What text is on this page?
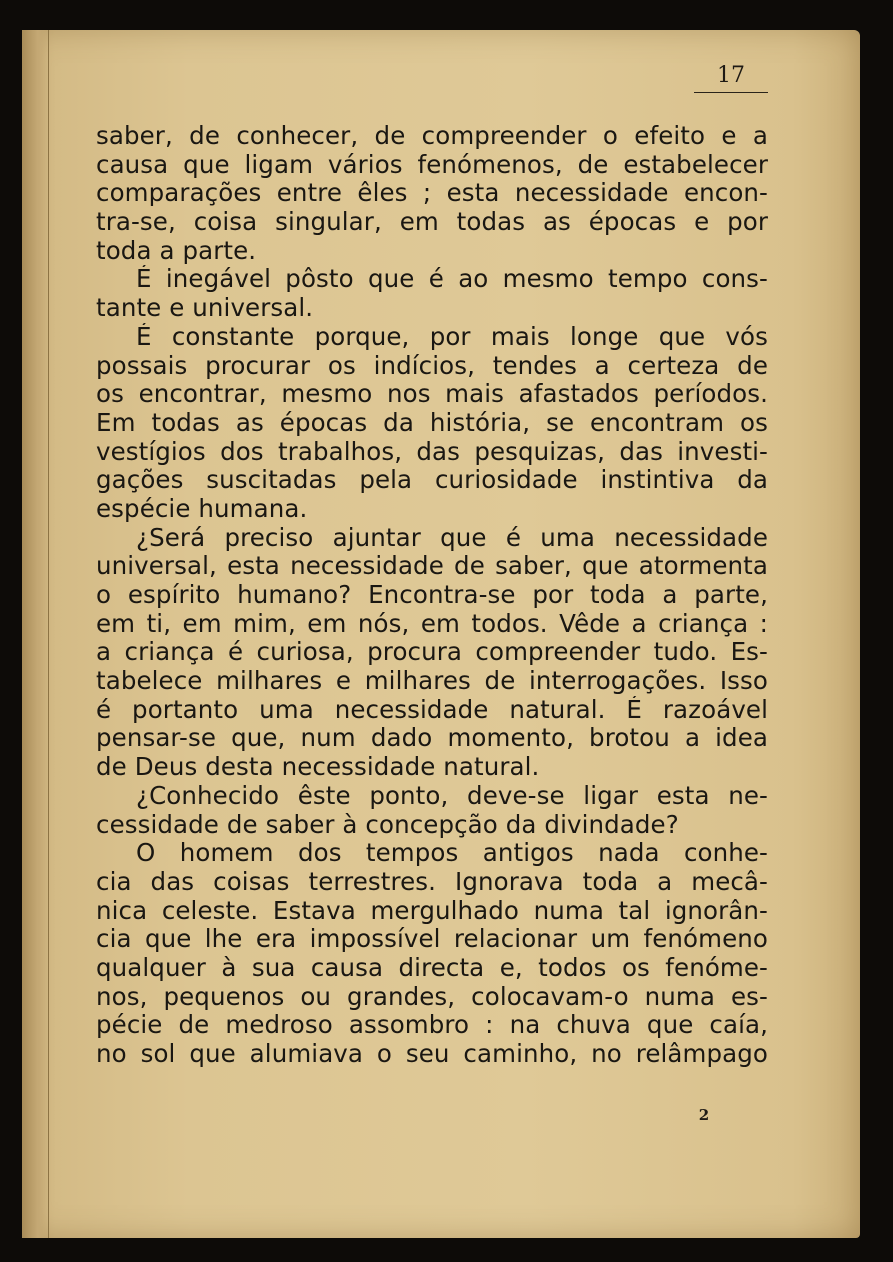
17
saber, de conhecer, de compreender o efeito e a
causa que ligam vários fenómenos, de estabelecer
comparações entre êles ; esta necessidade encon-
tra-se, coisa singular, em todas as épocas e por
toda a parte.
É inegável pôsto que é ao mesmo tempo cons-
tante e universal.
É constante porque, por mais longe que vós
possais procurar os indícios, tendes a certeza de
os encontrar, mesmo nos mais afastados períodos.
Em todas as épocas da história, se encontram os
vestígios dos trabalhos, das pesquizas, das investi-
gações suscitadas pela curiosidade instintiva da
espécie humana.
¿Será preciso ajuntar que é uma necessidade
universal, esta necessidade de saber, que atormenta
o espírito humano? Encontra-se por toda a parte,
em ti, em mim, em nós, em todos. Vêde a criança :
a criança é curiosa, procura compreender tudo. Es-
tabelece milhares e milhares de interrogações. Isso
é portanto uma necessidade natural. É razoável
pensar-se que, num dado momento, brotou a idea
de Deus desta necessidade natural.
¿Conhecido êste ponto, deve-se ligar esta ne-
cessidade de saber à concepção da divindade?
O homem dos tempos antigos nada conhe-
cia das coisas terrestres. Ignorava toda a mecâ-
nica celeste. Estava mergulhado numa tal ignorân-
cia que lhe era impossível relacionar um fenómeno
qualquer à sua causa directa e, todos os fenóme-
nos, pequenos ou grandes, colocavam-o numa es-
pécie de medroso assombro : na chuva que caía,
no sol que alumiava o seu caminho, no relâmpago
2
